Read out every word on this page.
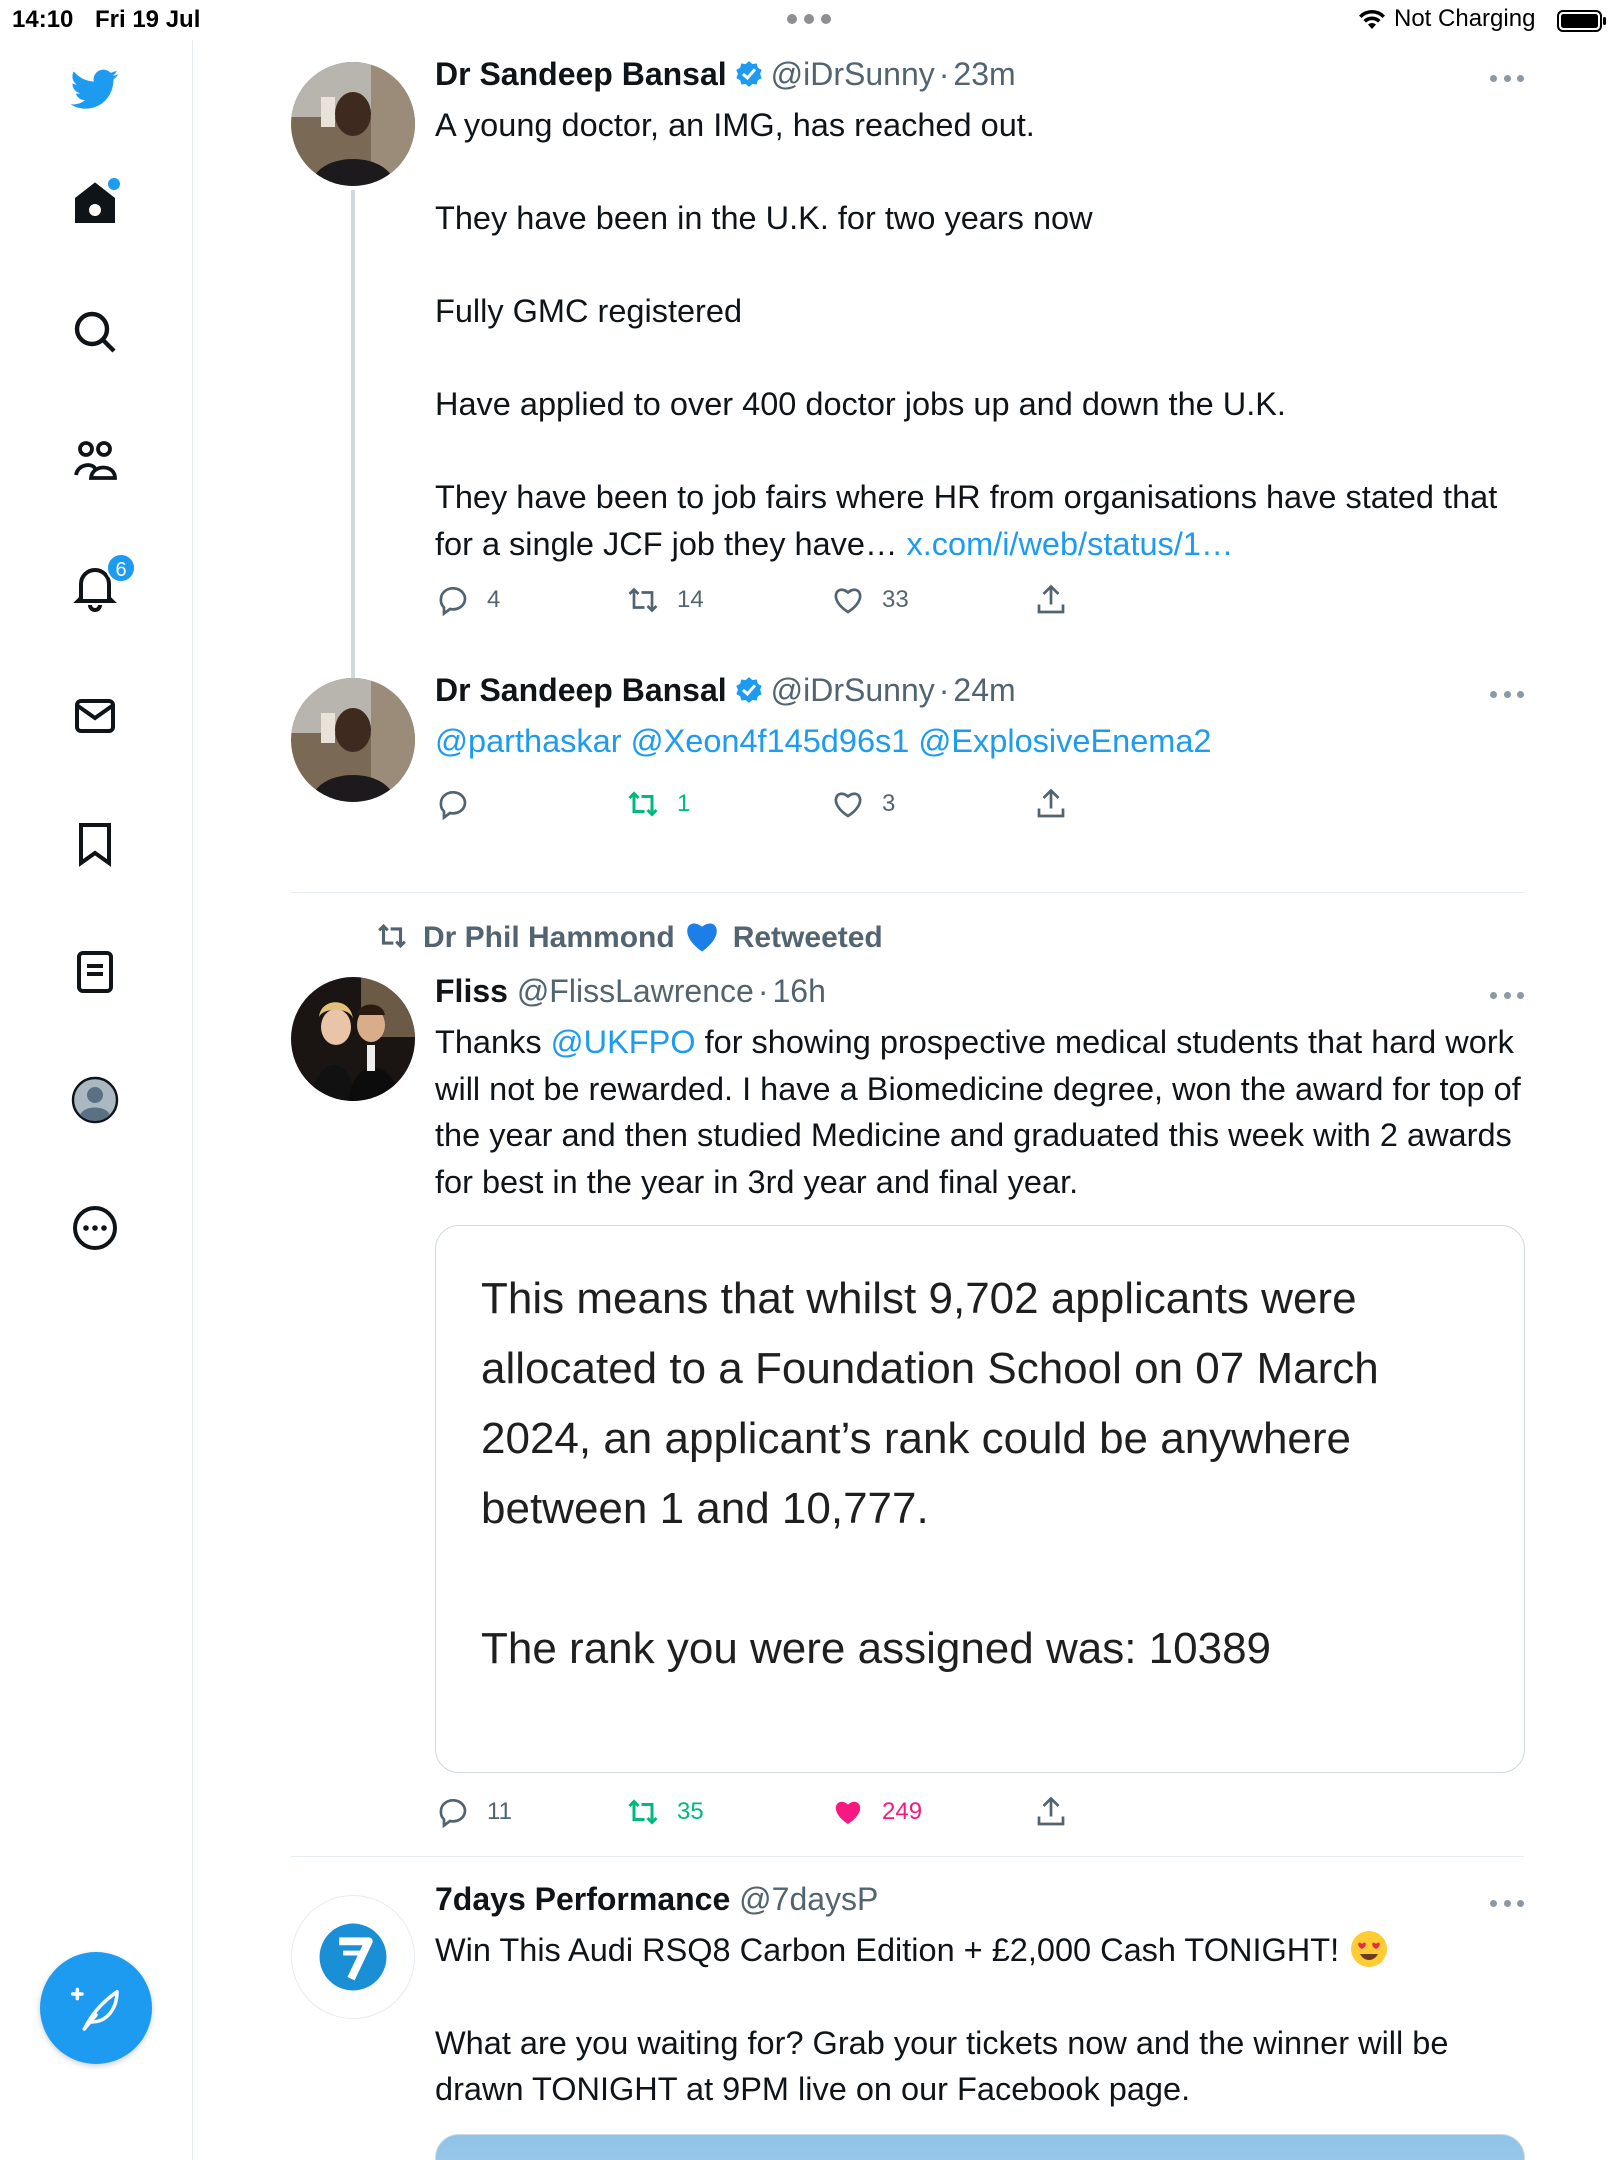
14:10 Fri 19 Jul	Not Charging
6
Dr Sandeep Bansal @iDrSunny · 23m
A young doctor, an IMG, has reached out.

They have been in the U.K. for two years now

Fully GMC registered

Have applied to over 400 doctor jobs up and down the U.K.

They have been to job fairs where HR from organisations have stated that for a single JCF job they have… x.com/i/web/status/1…
4	14	33
Dr Sandeep Bansal @iDrSunny · 24m
@parthaskar @Xeon4f145d96s1 @ExplosiveEnema2
1	3
Dr Phil Hammond Retweeted
Fliss @FlissLawrence · 16h
Thanks @UKFPO for showing prospective medical students that hard work will not be rewarded. I have a Biomedicine degree, won the award for top of the year and then studied Medicine and graduated this week with 2 awards for best in the year in 3rd year and final year.
This means that whilst 9,702 applicants were allocated to a Foundation School on 07 March 2024, an applicant’s rank could be anywhere between 1 and 10,777.

The rank you were assigned was: 10389
11	35	249
7days Performance @7daysP
Win This Audi RSQ8 Carbon Edition + £2,000 Cash TONIGHT!

What are you waiting for? Grab your tickets now and the winner will be drawn TONIGHT at 9PM live on our Facebook page.
